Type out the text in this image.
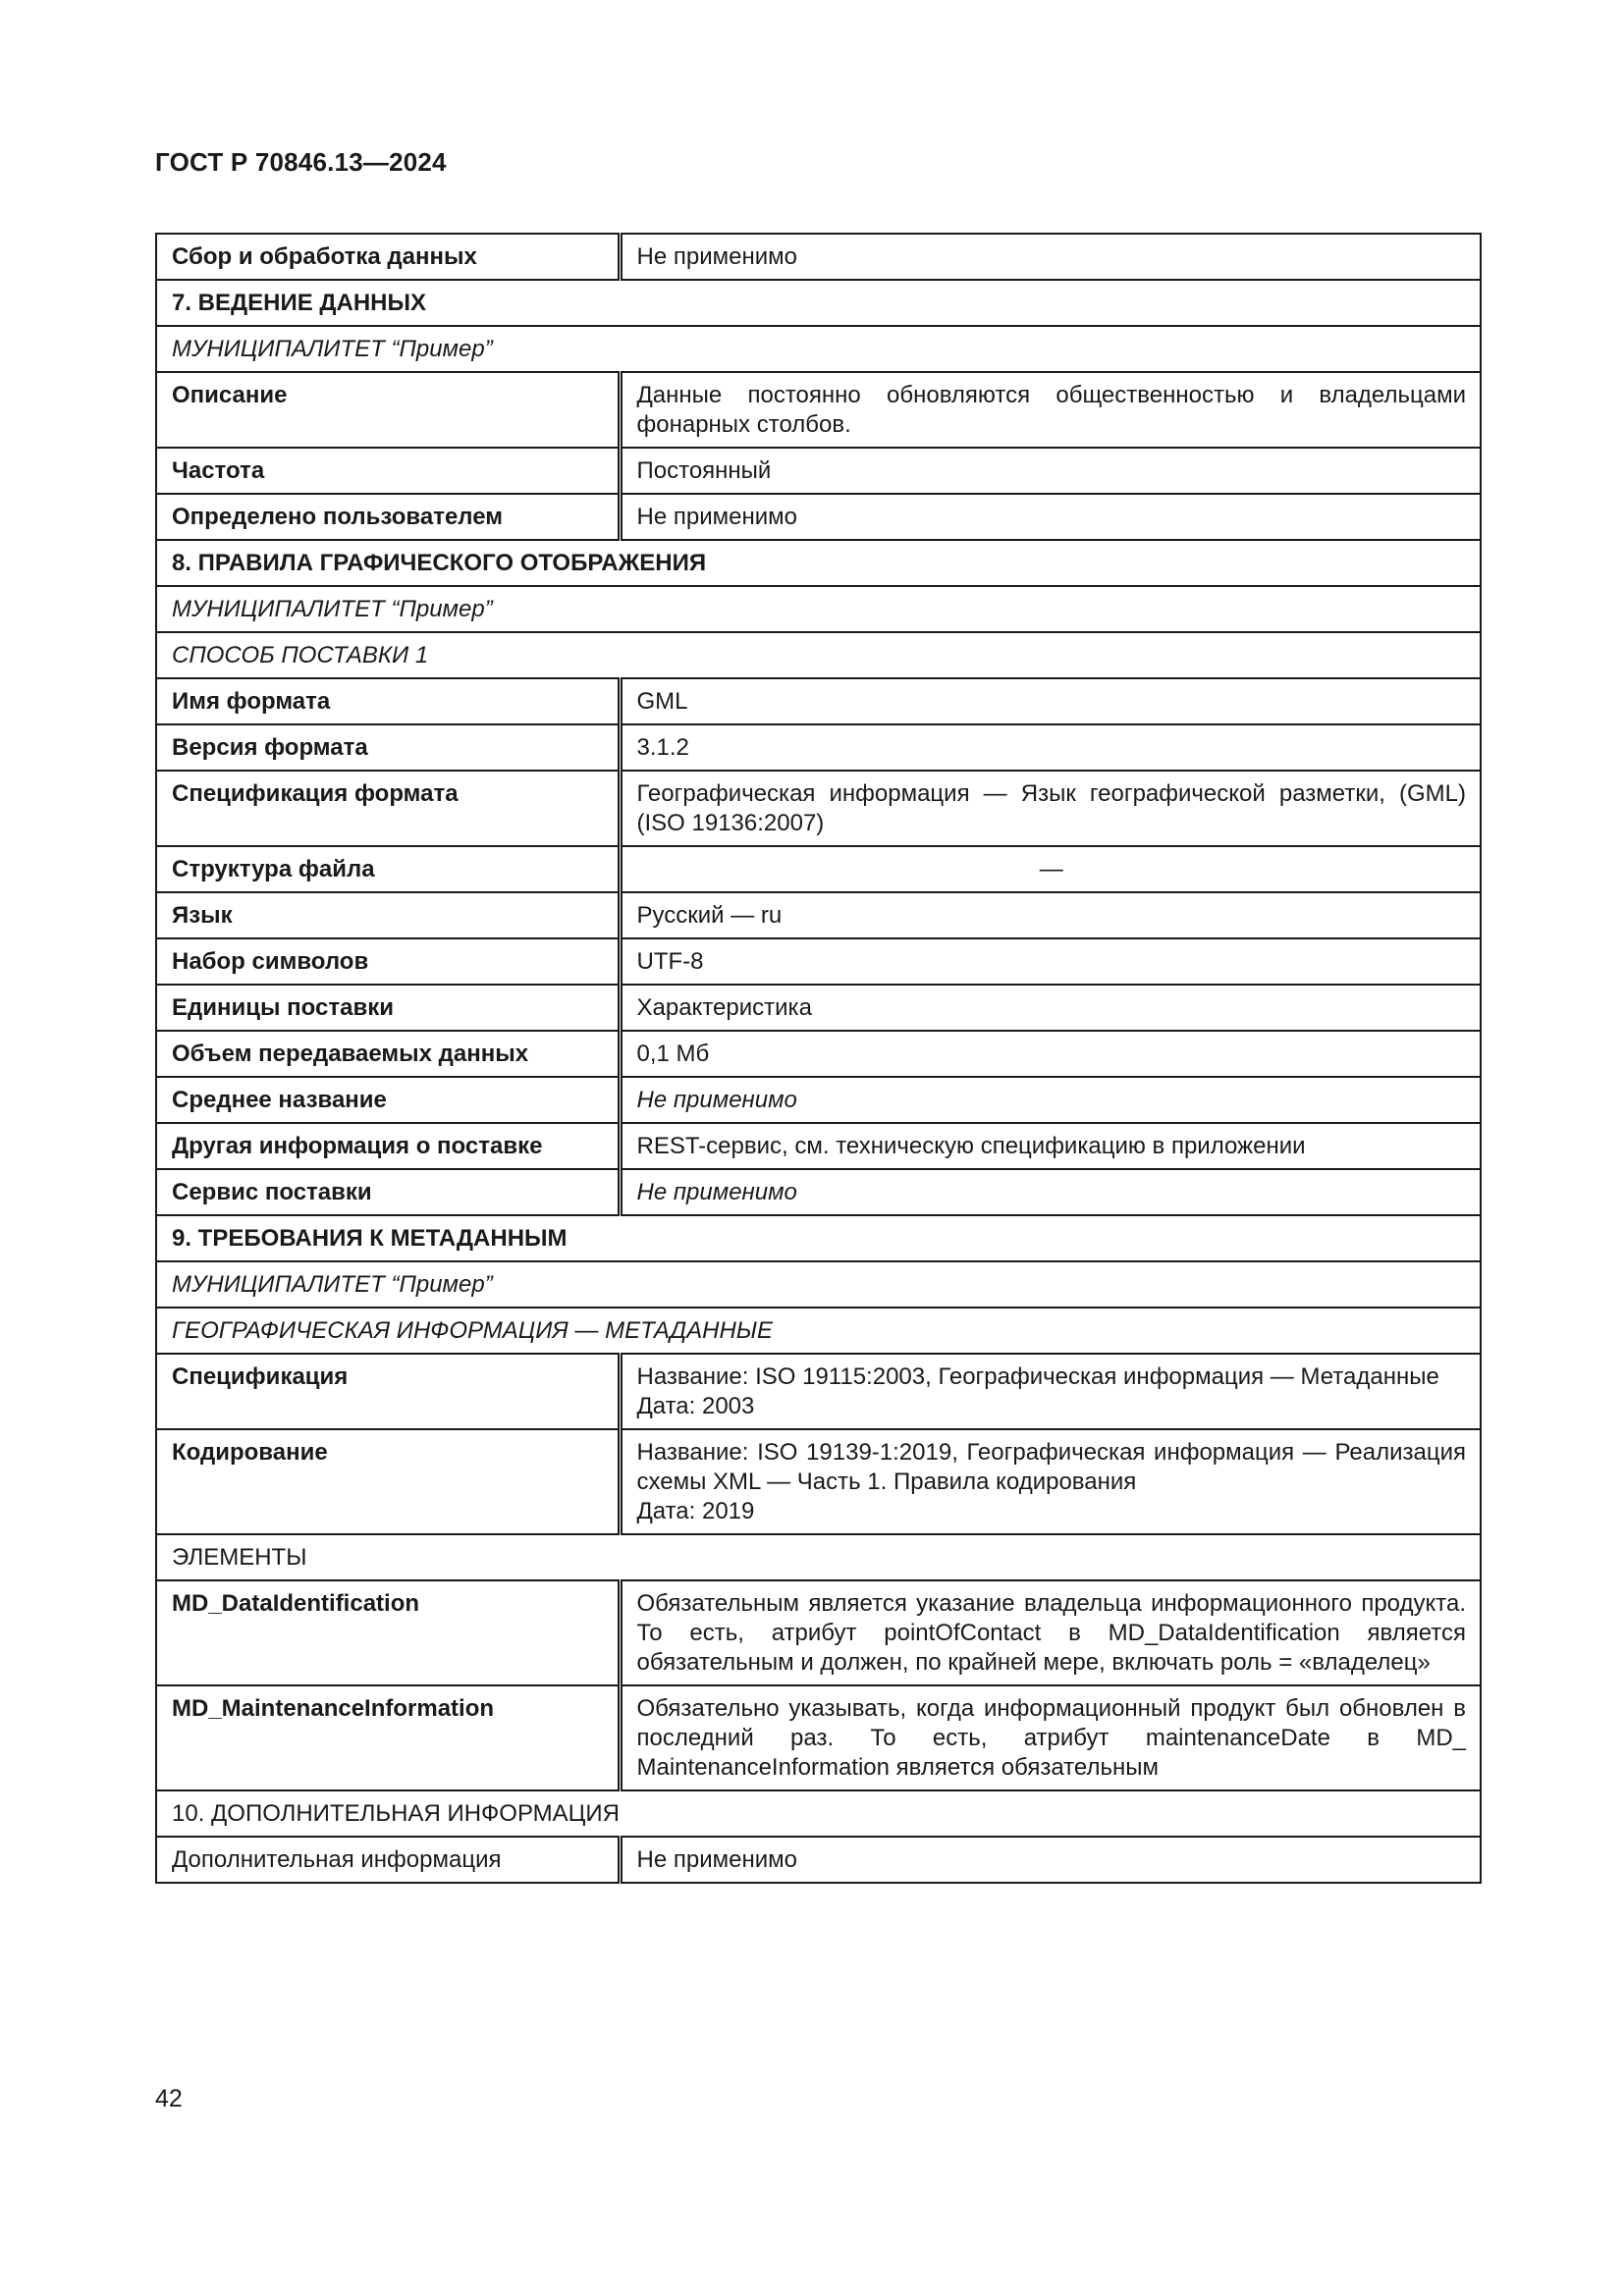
ГОСТ Р 70846.13—2024
Сбор и обработка данных	Не применимо
7. ВЕДЕНИЕ ДАННЫХ	
МУНИЦИПАЛИТЕТ “Пример”	
Описание	Данные постоянно обновляются общественностью и владельцами фонарных столбов.
Частота	Постоянный
Определено пользователем	Не применимо
8. ПРАВИЛА ГРАФИЧЕСКОГО ОТОБРАЖЕНИЯ	
МУНИЦИПАЛИТЕТ “Пример”	
СПОСОБ ПОСТАВКИ 1	
Имя формата	GML
Версия формата	3.1.2
Спецификация формата	Географическая информация — Язык географической разметки, (GML) (ISO 19136:2007)
Структура файла	—
Язык	Русский — ru
Набор символов	UTF-8
Единицы поставки	Характеристика
Объем передаваемых данных	0,1 Мб
Среднее название	Не применимо
Другая информация о поставке	REST-сервис, см. техническую спецификацию в приложении
Сервис поставки	Не применимо
9. ТРЕБОВАНИЯ К МЕТАДАННЫМ	
МУНИЦИПАЛИТЕТ “Пример”	
ГЕОГРАФИЧЕСКАЯ ИНФОРМАЦИЯ — МЕТАДАННЫЕ	
Спецификация	Название: ISO 19115:2003, Географическая информация — Метаданные
Дата: 2003

Кодирование	Название: ISO 19139-1:2019, Географическая информация — Реализация схемы XML — Часть 1. Правила кодирования
Дата: 2019

ЭЛЕМЕНТЫ	
MD_DataIdentification	Обязательным является указание владельца информационного продукта. То есть, атрибут pointOfContact в MD_DataIdentification является обязательным и должен, по крайней мере, включать роль = «владелец»
MD_MaintenanceInformation	Обязательно указывать, когда информационный продукт был обновлен в последний раз. То есть, атрибут maintenanceDate в MD_ MaintenanceInformation является обязательным
10. ДОПОЛНИТЕЛЬНАЯ ИНФОРМАЦИЯ	
Дополнительная информация	Не применимо
42
